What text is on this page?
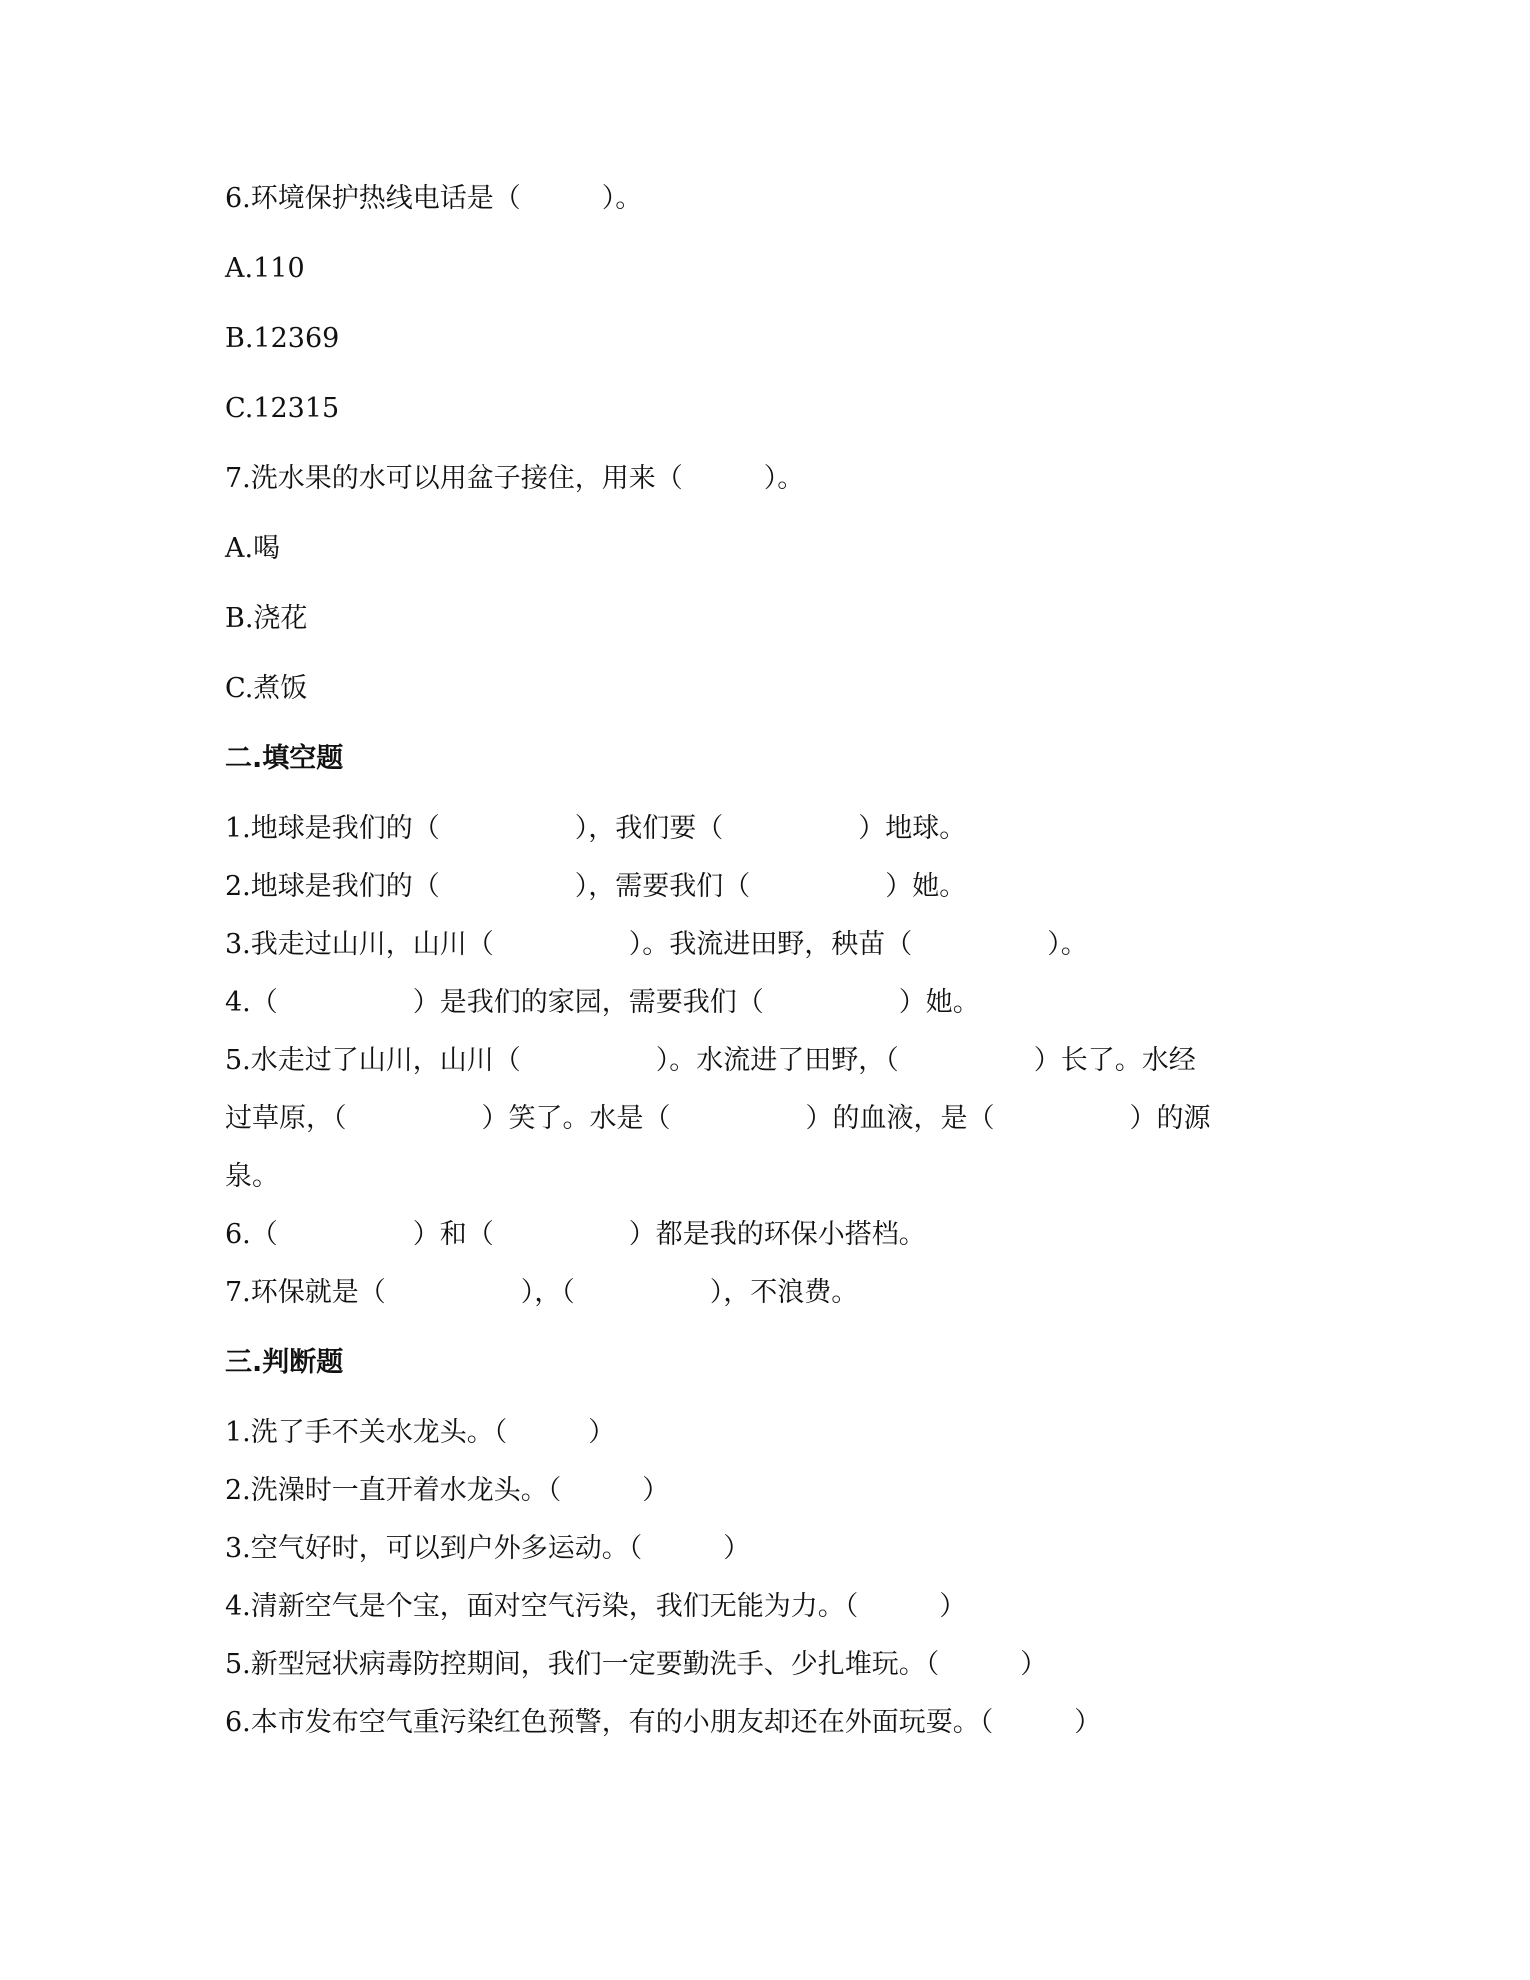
6.环境保护热线电话是（　　　）。

A.110

B.12369

C.12315

7.洗水果的水可以用盆子接住，用来（　　　）。

A.喝

B.浇花

C.煮饭

二.填空题

1.地球是我们的（　　　　　），我们要（　　　　　）地球。

2.地球是我们的（　　　　　），需要我们（　　　　　）她。

3.我走过山川，山川（　　　　　）。我流进田野，秧苗（　　　　　）。

4.（　　　　　）是我们的家园，需要我们（　　　　　）她。

5.水走过了山川，山川（　　　　　）。水流进了田野，（　　　　　）长了。水经

过草原，（　　　　　）笑了。水是（　　　　　）的血液，是（　　　　　）的源

泉。

6.（　　　　　）和（　　　　　）都是我的环保小搭档。

7.环保就是（　　　　　），（　　　　　），不浪费。

三.判断题

1.洗了手不关水龙头。（　　　）

2.洗澡时一直开着水龙头。（　　　）

3.空气好时，可以到户外多运动。（　　　）

4.清新空气是个宝，面对空气污染，我们无能为力。（　　　）

5.新型冠状病毒防控期间，我们一定要勤洗手、少扎堆玩。（　　　）

6.本市发布空气重污染红色预警，有的小朋友却还在外面玩耍。（　　　）
